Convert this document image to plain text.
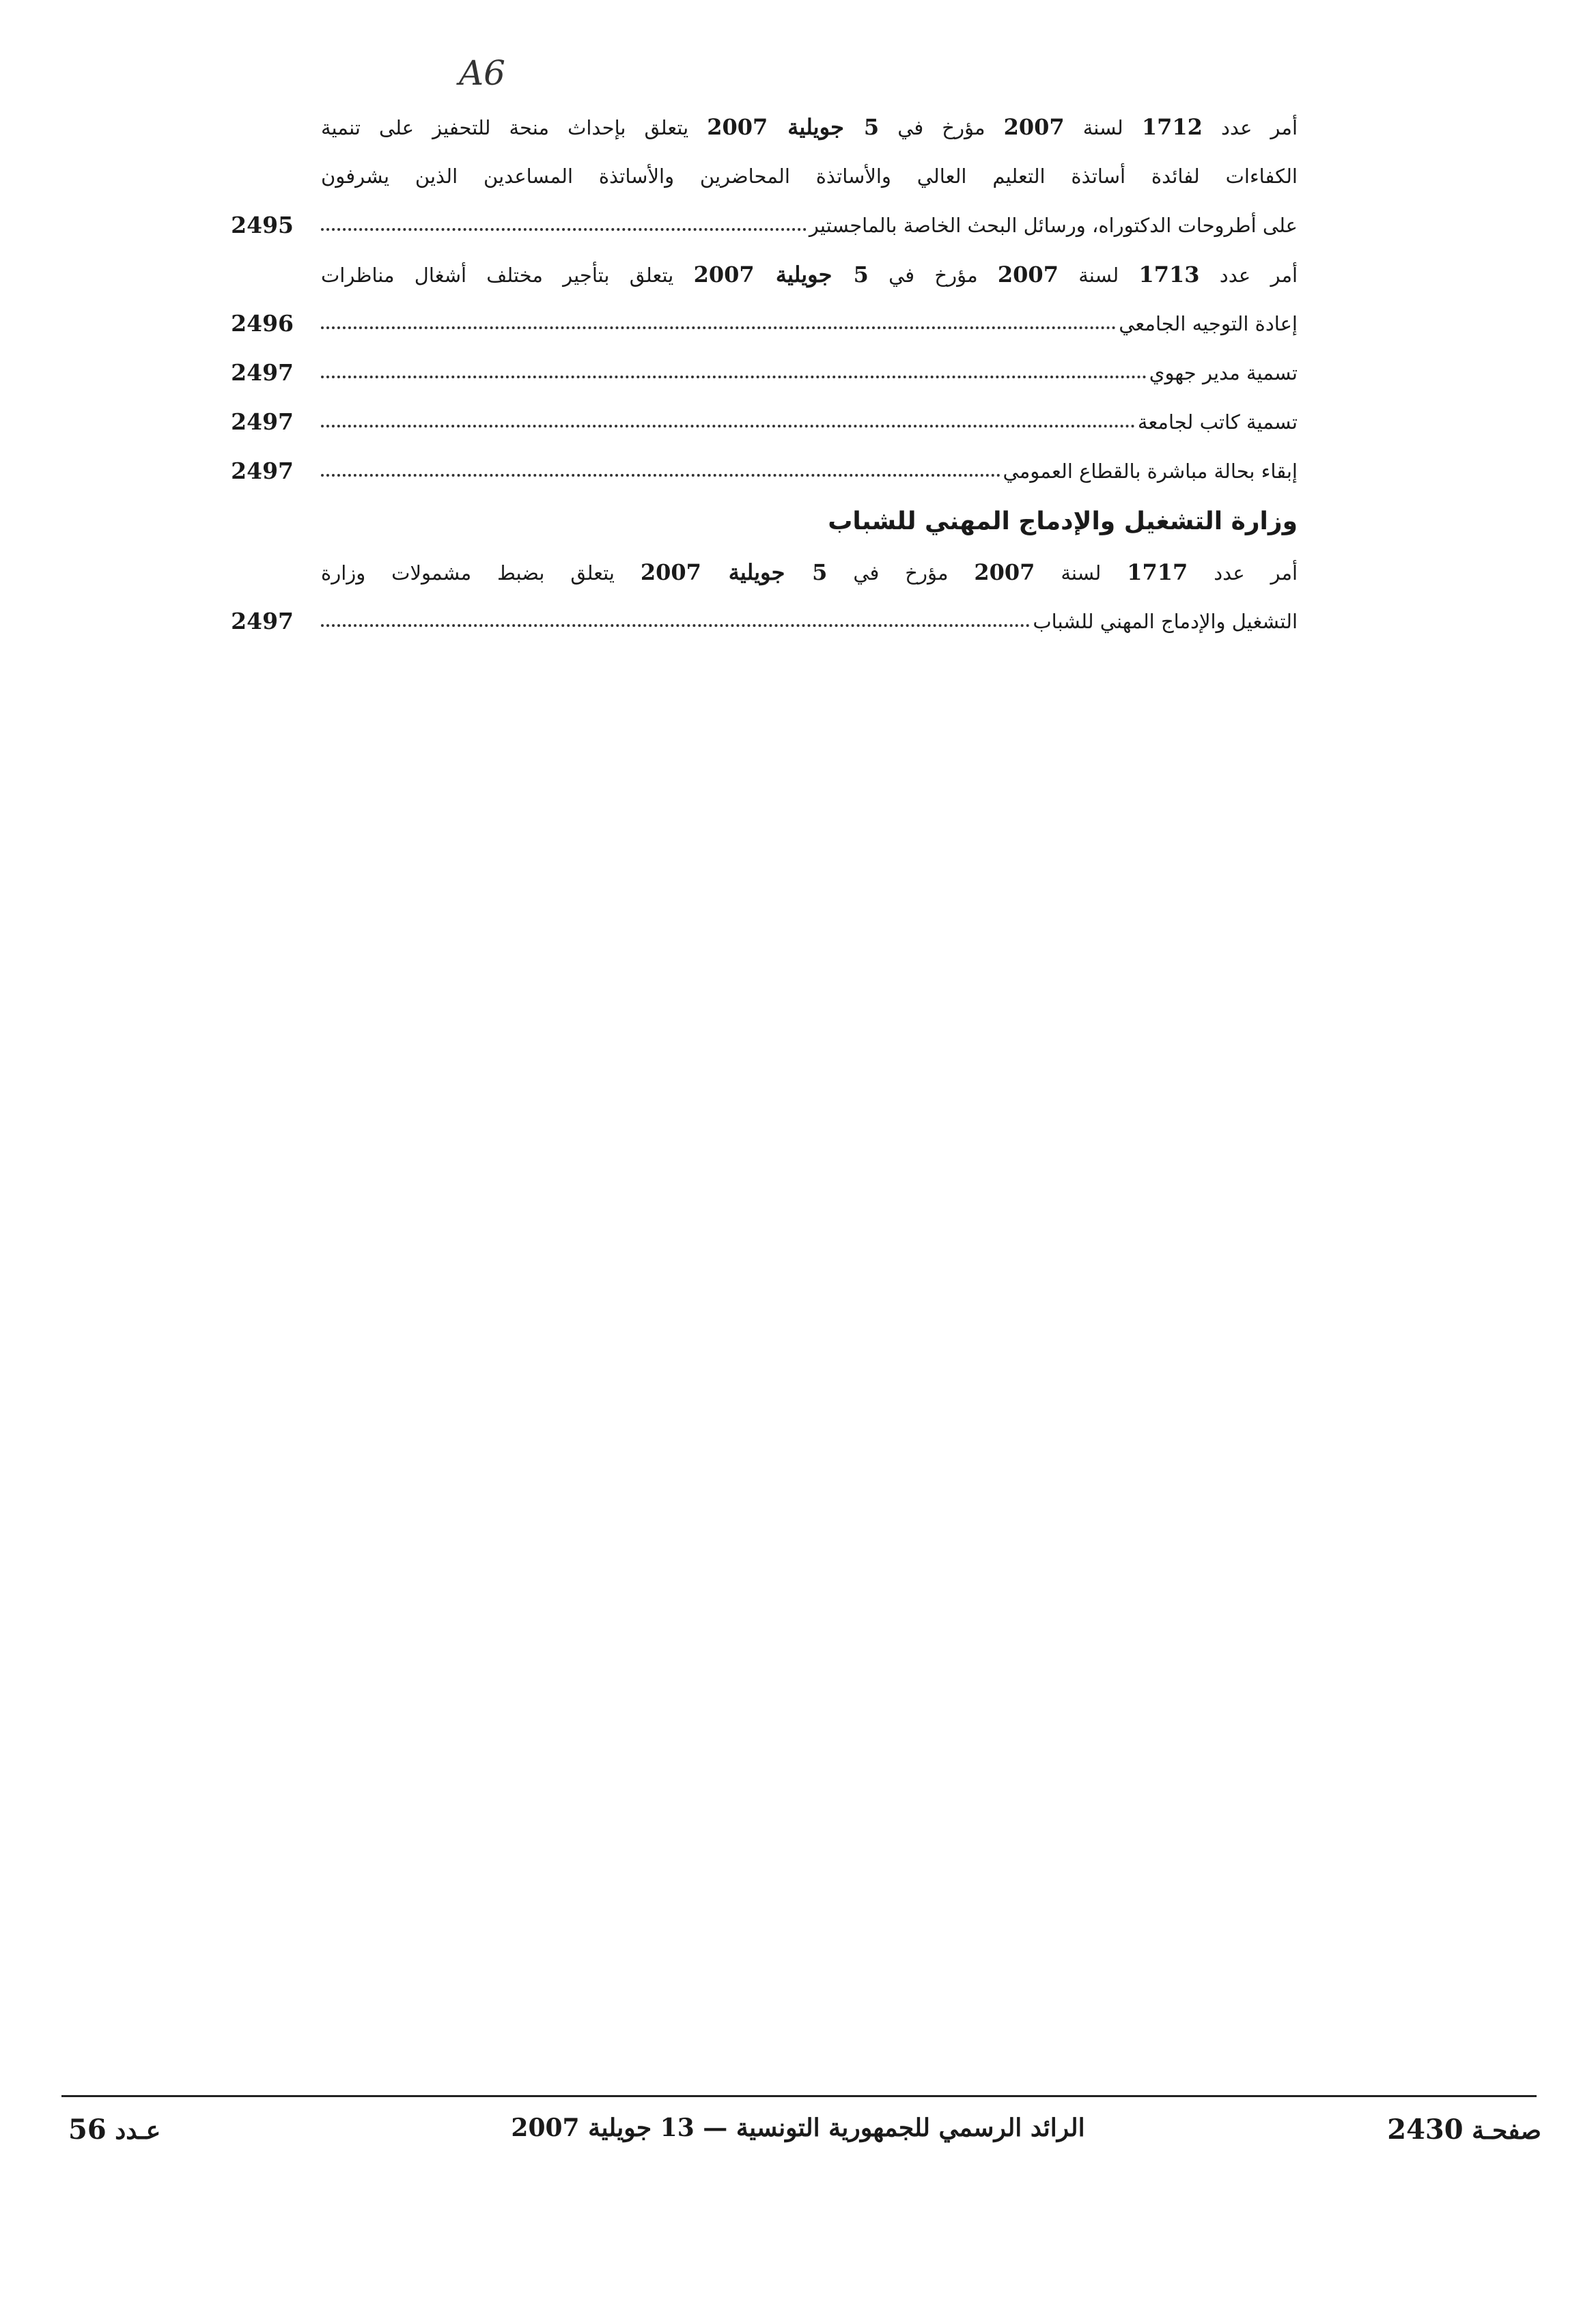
A6
أمر عدد 1712 لسنة 2007 مؤرخ في 5 جويلية 2007 يتعلق بإحداث منحة للتحفيز على تنمية
الكفاءات لفائدة أساتذة التعليم العالي والأساتذة المحاضرين والأساتذة المساعدين الذين يشرفون
على أطروحات الدكتوراه، ورسائل البحث الخاصة بالماجستير
2495
أمر عدد 1713 لسنة 2007 مؤرخ في 5 جويلية 2007 يتعلق بتأجير مختلف أشغال مناظرات
إعادة التوجيه الجامعي
2496
تسمية مدير جهوي
2497
تسمية كاتب لجامعة
2497
إبقاء بحالة مباشرة بالقطاع العمومي
2497
وزارة التشغيل والإدماج المهني للشباب
أمر عدد 1717 لسنة 2007 مؤرخ في 5 جويلية 2007 يتعلق بضبط مشمولات وزارة
التشغيل والإدماج المهني للشباب
2497
عـدد 56	الرائد الرسمي للجمهورية التونسية — 13 جويلية 2007	صفحـة 2430
